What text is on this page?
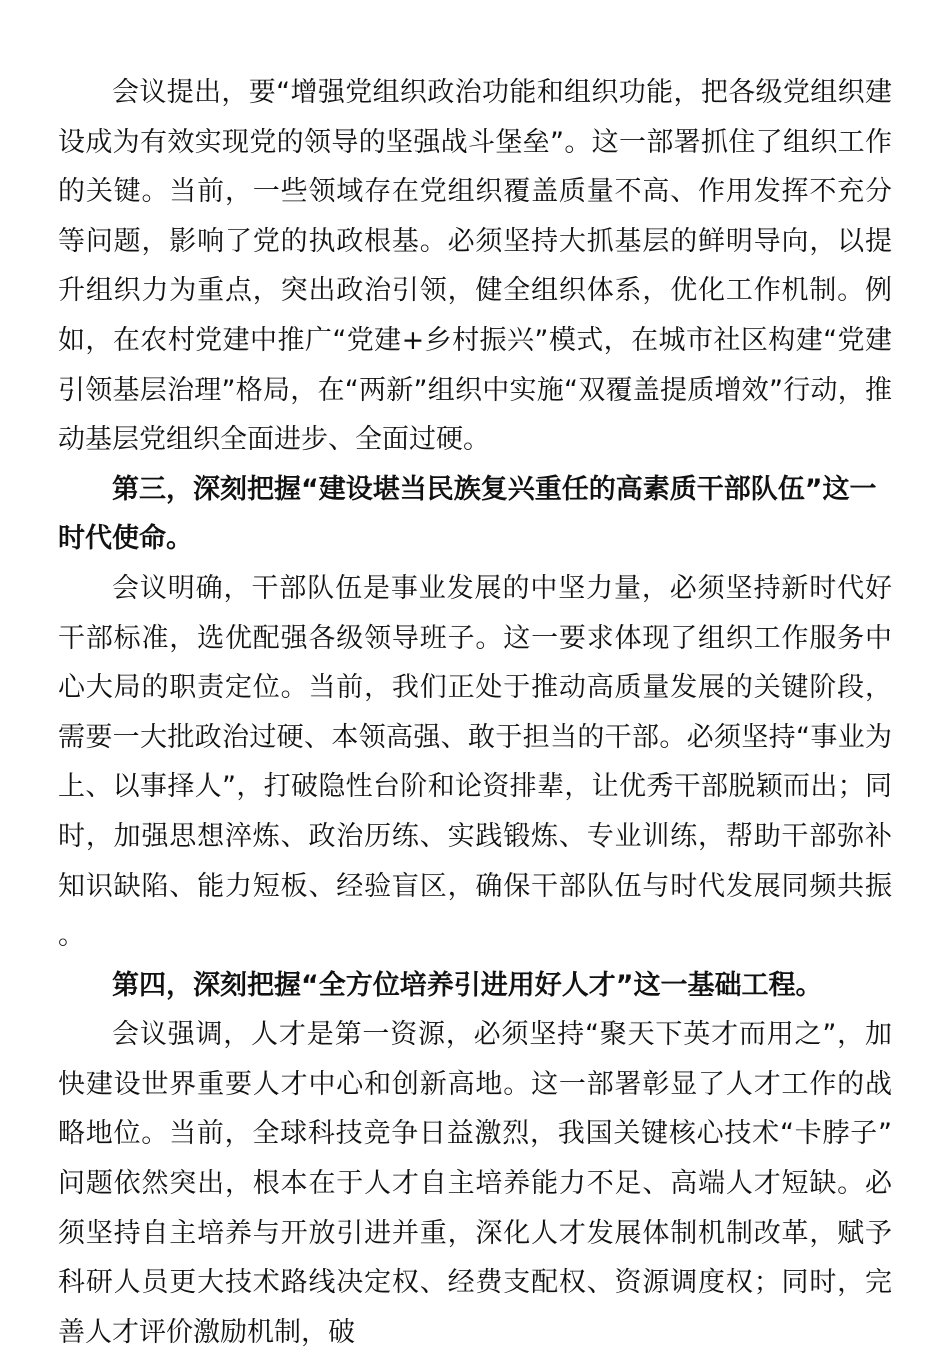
会议提出，要“增强党组织政治功能和组织功能，把各级党组织建设成为有效实现党的领导的坚强战斗堡垒”。这一部署抓住了组织工作的关键。当前，一些领域存在党组织覆盖质量不高、作用发挥不充分等问题，影响了党的执政根基。必须坚持大抓基层的鲜明导向，以提升组织力为重点，突出政治引领，健全组织体系，优化工作机制。例如，在农村党建中推广“党建+乡村振兴”模式，在城市社区构建“党建引领基层治理”格局，在“两新”组织中实施“双覆盖提质增效”行动，推动基层党组织全面进步、全面过硬。

第三，深刻把握“建设堪当民族复兴重任的高素质干部队伍”这一时代使命。

会议明确，干部队伍是事业发展的中坚力量，必须坚持新时代好干部标准，选优配强各级领导班子。这一要求体现了组织工作服务中心大局的职责定位。当前，我们正处于推动高质量发展的关键阶段，需要一大批政治过硬、本领高强、敢于担当的干部。必须坚持“事业为上、以事择人”，打破隐性台阶和论资排辈，让优秀干部脱颖而出；同时，加强思想淬炼、政治历练、实践锻炼、专业训练，帮助干部弥补知识缺陷、能力短板、经验盲区，确保干部队伍与时代发展同频共振。

第四，深刻把握“全方位培养引进用好人才”这一基础工程。

会议强调，人才是第一资源，必须坚持“聚天下英才而用之”，加快建设世界重要人才中心和创新高地。这一部署彰显了人才工作的战略地位。当前，全球科技竞争日益激烈，我国关键核心技术“卡脖子”问题依然突出，根本在于人才自主培养能力不足、高端人才短缺。必须坚持自主培养与开放引进并重，深化人才发展体制机制改革，赋予科研人员更大技术路线决定权、经费支配权、资源调度权；同时，完善人才评价激励机制，破
